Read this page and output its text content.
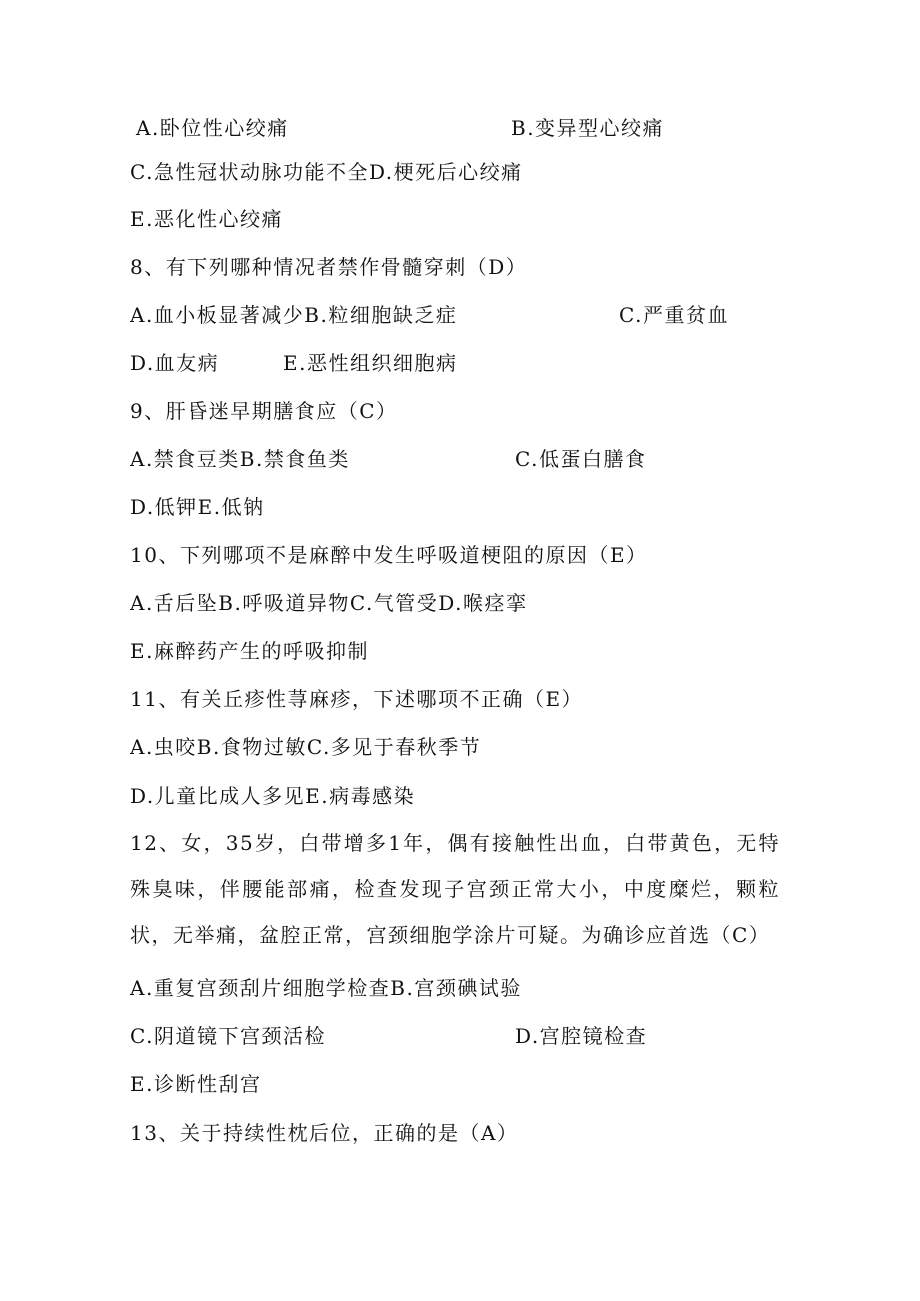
A.卧位性心绞痛

	B.变异型心绞痛

C.急性冠状动脉功能不全D.梗死后心绞痛
E.恶化性心绞痛
8、有下列哪种情况者禁作骨髓穿刺（D）

A.血小板显著减少B.粒细胞缺乏症

	C.严重贫血

D.血友病

	E.恶性组织细胞病

9、肝昏迷早期膳食应（C）

A.禁食豆类B.禁食鱼类

	C.低蛋白膳食

D.低钾E.低钠
10、下列哪项不是麻醉中发生呼吸道梗阻的原因（E）
A.舌后坠B.呼吸道异物C.气管受D.喉痉挛
E.麻醉药产生的呼吸抑制
11、有关丘疹性荨麻疹，下述哪项不正确（E）
A.虫咬B.食物过敏C.多见于春秋季节
D.儿童比成人多见E.病毒感染
12、女，35岁，白带增多1年，偶有接触性出血，白带黄色，无特殊臭味，伴腰能部痛，检查发现子宫颈正常大小，中度糜烂，颗粒状，无举痛，盆腔正常，宫颈细胞学涂片可疑。为确诊应首选（C）
A.重复宫颈刮片细胞学检查B.宫颈碘试验

C.阴道镜下宫颈活检

	D.宫腔镜检查

E.诊断性刮宫
13、关于持续性枕后位，正确的是（A）
